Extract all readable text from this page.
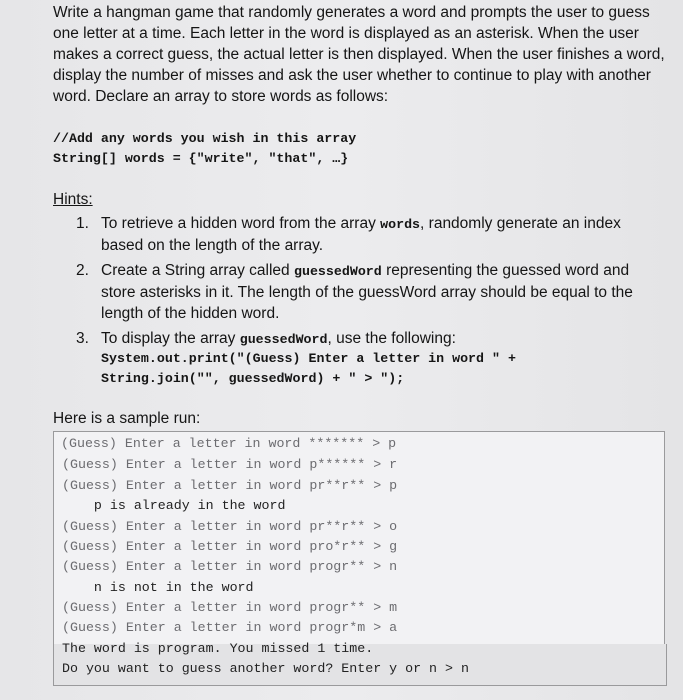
Write a hangman game that randomly generates a word and prompts the user to guess
one letter at a time. Each letter in the word is displayed as an asterisk. When the user
makes a correct guess, the actual letter is then displayed. When the user finishes a word,
display the number of misses and ask the user whether to continue to play with another
word. Declare an array to store words as follows:
//Add any words you wish in this array
String[] words = {"write", "that", …}
Hints:
1. To retrieve a hidden word from the array words, randomly generate an index
based on the length of the array.
2. Create a String array called guessedWord representing the guessed word and
store asterisks in it. The length of the guessWord array should be equal to the
length of the hidden word.
3. To display the array guessedWord, use the following:
System.out.print("(Guess) Enter a letter in word " +
String.join("", guessedWord) + " > ");
Here is a sample run:
(Guess) Enter a letter in word ******* > p
(Guess) Enter a letter in word p****** > r
(Guess) Enter a letter in word pr**r** > p
p is already in the word
(Guess) Enter a letter in word pr**r** > o
(Guess) Enter a letter in word pro*r** > g
(Guess) Enter a letter in word progr** > n
n is not in the word
(Guess) Enter a letter in word progr** > m
(Guess) Enter a letter in word progr*m > a
The word is program. You missed 1 time.
Do you want to guess another word? Enter y or n > n
